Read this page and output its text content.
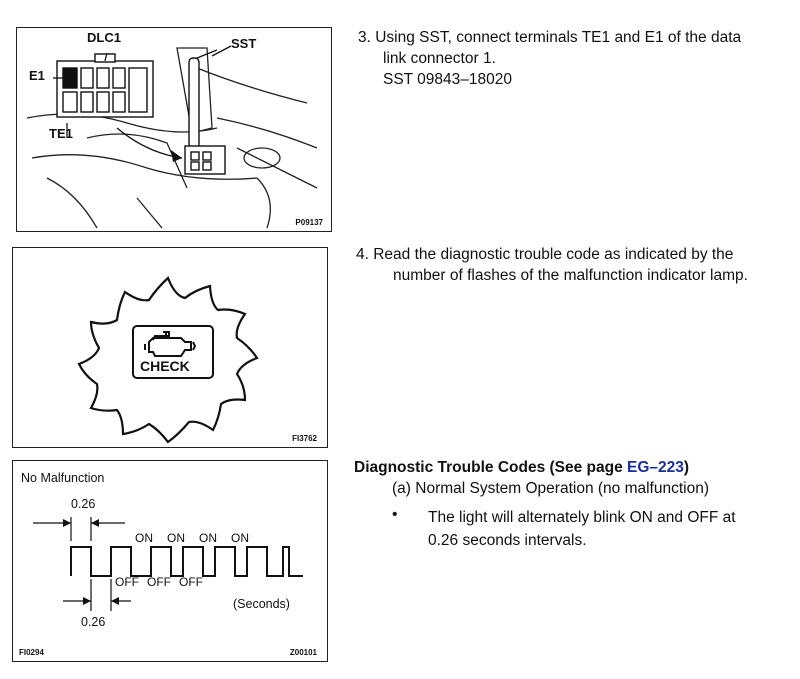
DLC1	SST
E1
TE1
P09137
CHECK
FI3762
No Malfunction
0.26
0.26
ON ON ON ON
OFF OFF OFF
(Seconds)
FI0294	Z00101
3. Using SST, connect terminals TE1 and E1 of the data
link connector 1.
SST 09843–18020
4. Read the diagnostic trouble code as indicated by the
number of flashes of the malfunction indicator lamp.
Diagnostic Trouble Codes (See page EG–223)
(a) Normal System Operation (no malfunction)
• The light will alternately blink ON and OFF at
0.26 seconds intervals.
